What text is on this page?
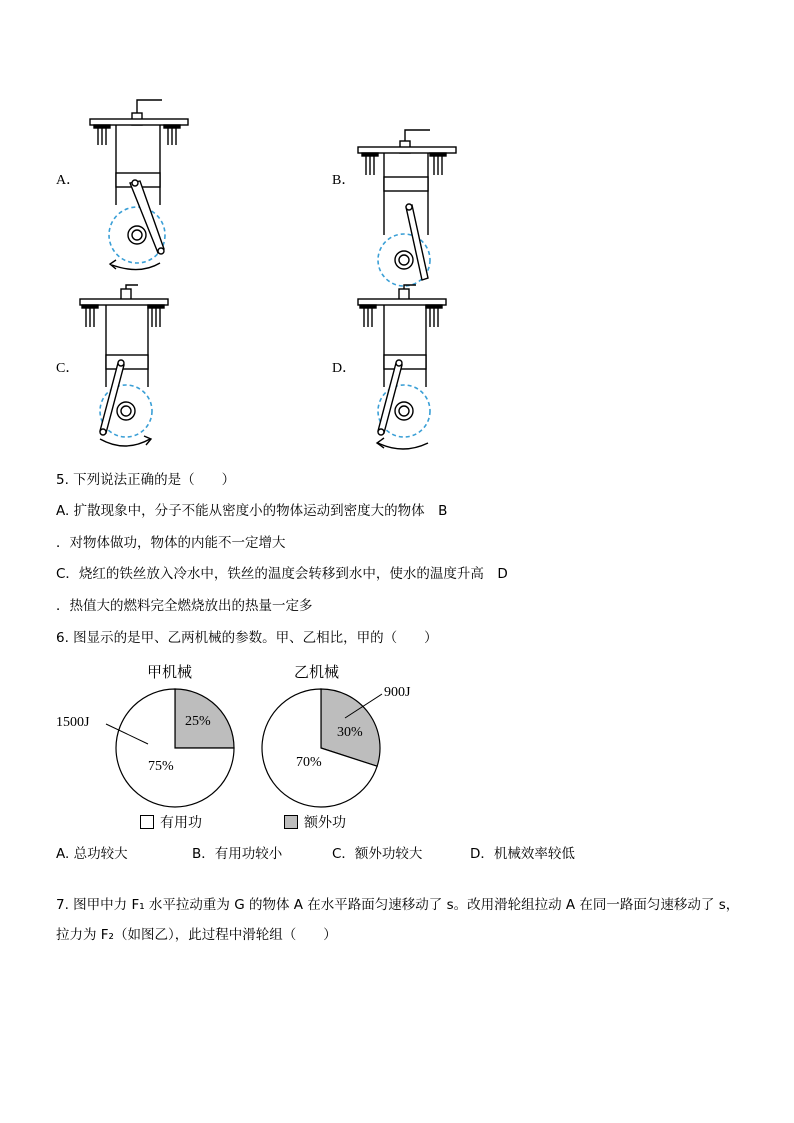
A．	B．
C．	D．
5. 下列说法正确的是（　　）
A. 扩散现象中，分子不能从密度小的物体运动到密度大的物体　B
．对物体做功，物体的内能不一定增大
C．烧红的铁丝放入冷水中，铁丝的温度会转移到水中，使水的温度升高　D
．热值大的燃料完全燃烧放出的热量一定多
6. 图显示的是甲、乙两机械的参数。甲、乙相比，甲的（　　）
甲机械	乙机械
1500J
900J
75%
25%
70%
30%
有用功	额外功
A. 总功较大	B．有用功较小	C．额外功较大	D．机械效率较低
7. 图甲中力 F₁ 水平拉动重为 G 的物体 A 在水平路面匀速移动了 s。改用滑轮组拉动 A 在同一路面匀速移动了 s，
拉力为 F₂（如图乙），此过程中滑轮组（　　）
